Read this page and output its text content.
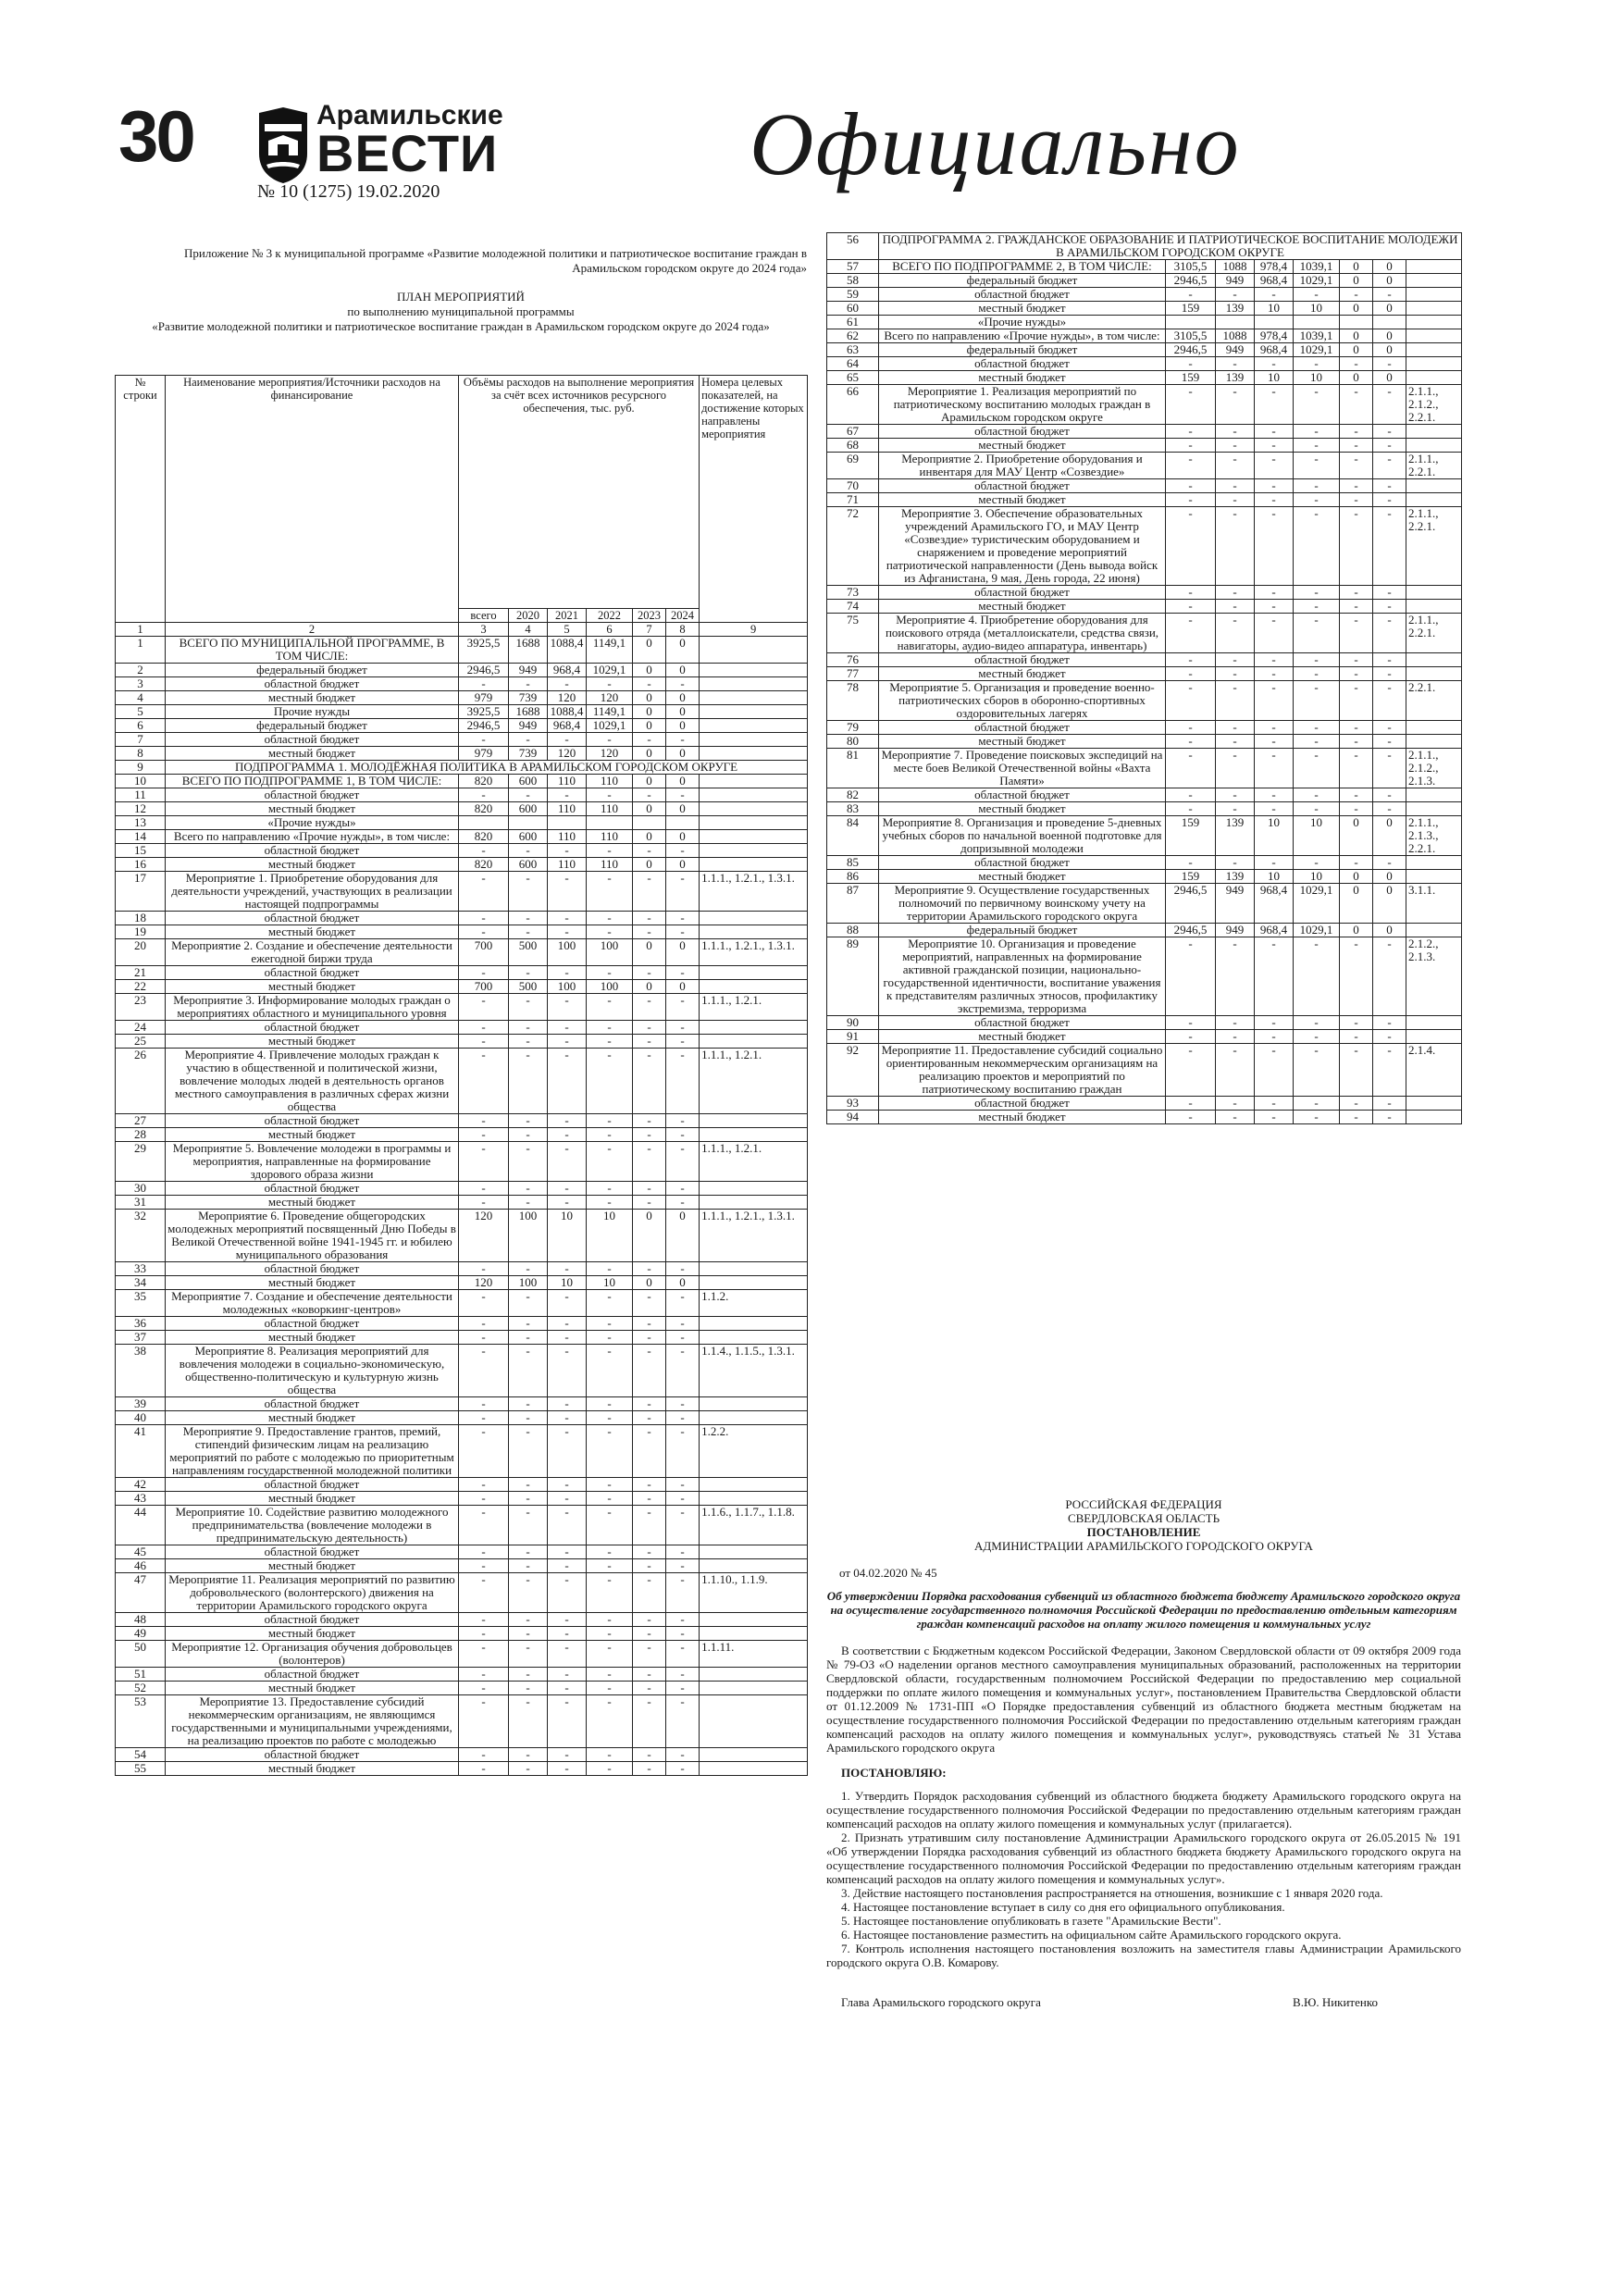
30	Арамильские
ВЕСТИ
№ 10 (1275) 19.02.2020	Официально
Приложение № 3 к муниципальной программе «Развитие молодежной политики и патриотическое воспитание граждан в Арамильском городском округе до 2024 года»
ПЛАН МЕРОПРИЯТИЙ
по выполнению муниципальной программы
«Развитие молодежной политики и патриотическое воспитание граждан в Арамильском городском округе до 2024 года»
№ строки	Наименование мероприятия/Источники расходов на финансирование	Объёмы расходов на выполнение мероприятия за счёт всех источников ресурсного обеспечения, тыс. руб.						Номера целевых показателей, на достижение которых направлены мероприятия
		всего	2020	2021	2022	2023	2024	
1	2	3	4	5	6	7	8	9
1	ВСЕГО ПО МУНИЦИПАЛЬНОЙ ПРОГРАММЕ, В ТОМ ЧИСЛЕ:	3925,5	1688	1088,4	1149,1	0	0	
2	федеральный бюджет	2946,5	949	968,4	1029,1	0	0	
3	областной бюджет	-	-	-	-	-	-	
4	местный бюджет	979	739	120	120	0	0	
5	Прочие нужды	3925,5	1688	1088,4	1149,1	0	0	
6	федеральный бюджет	2946,5	949	968,4	1029,1	0	0	
7	областной бюджет	-	-	-	-	-	-	
8	местный бюджет	979	739	120	120	0	0	
9	ПОДПРОГРАММА 1. МОЛОДЁЖНАЯ ПОЛИТИКА В АРАМИЛЬСКОМ ГОРОДСКОМ ОКРУГЕ							
10	ВСЕГО ПО ПОДПРОГРАММЕ 1, В ТОМ ЧИСЛЕ:	820	600	110	110	0	0	
11	областной бюджет	-	-	-	-	-	-	
12	местный бюджет	820	600	110	110	0	0	
13	«Прочие нужды»							
14	Всего по направлению «Прочие нужды», в том числе:	820	600	110	110	0	0	
15	областной бюджет	-	-	-	-	-	-	
16	местный бюджет	820	600	110	110	0	0	
17	Мероприятие 1. Приобретение оборудования для деятельности учреждений, участвующих в реализации настоящей подпрограммы	-	-	-	-	-	-	1.1.1., 1.2.1., 1.3.1.
18	областной бюджет	-	-	-	-	-	-	
19	местный бюджет	-	-	-	-	-	-	
20	Мероприятие 2. Создание и обеспечение деятельности ежегодной биржи труда	700	500	100	100	0	0	1.1.1., 1.2.1., 1.3.1.
21	областной бюджет	-	-	-	-	-	-	
22	местный бюджет	700	500	100	100	0	0	
23	Мероприятие 3. Информирование молодых граждан о мероприятиях областного и муниципального уровня	-	-	-	-	-	-	1.1.1., 1.2.1.
24	областной бюджет	-	-	-	-	-	-	
25	местный бюджет	-	-	-	-	-	-	
26	Мероприятие 4. Привлечение молодых граждан к участию в общественной и политической жизни, вовлечение молодых людей в деятельность органов местного самоуправления в различных сферах жизни общества	-	-	-	-	-	-	1.1.1., 1.2.1.
27	областной бюджет	-	-	-	-	-	-	
28	местный бюджет	-	-	-	-	-	-	
29	Мероприятие 5. Вовлечение молодежи в программы и мероприятия, направленные на формирование здорового образа жизни	-	-	-	-	-	-	1.1.1., 1.2.1.
30	областной бюджет	-	-	-	-	-	-	
31	местный бюджет	-	-	-	-	-	-	
32	Мероприятие 6. Проведение общегородских молодежных мероприятий посвященный Дню Победы в Великой Отечественной войне 1941-1945 гг. и юбилею муниципального образования	120	100	10	10	0	0	1.1.1., 1.2.1., 1.3.1.
33	областной бюджет	-	-	-	-	-	-	
34	местный бюджет	120	100	10	10	0	0	
35	Мероприятие 7. Создание и обеспечение деятельности молодежных «коворкинг-центров»	-	-	-	-	-	-	1.1.2.
36	областной бюджет	-	-	-	-	-	-	
37	местный бюджет	-	-	-	-	-	-	
38	Мероприятие 8. Реализация мероприятий для вовлечения молодежи в социально-экономическую, общественно-политическую и культурную жизнь общества	-	-	-	-	-	-	1.1.4., 1.1.5., 1.3.1.
39	областной бюджет	-	-	-	-	-	-	
40	местный бюджет	-	-	-	-	-	-	
41	Мероприятие 9. Предоставление грантов, премий, стипендий физическим лицам на реализацию мероприятий по работе с молодежью по приоритетным направлениям государственной молодежной политики	-	-	-	-	-	-	1.2.2.
42	областной бюджет	-	-	-	-	-	-	
43	местный бюджет	-	-	-	-	-	-	
44	Мероприятие 10. Содействие развитию молодежного предпринимательства (вовлечение молодежи в предпринимательскую деятельность)	-	-	-	-	-	-	1.1.6., 1.1.7., 1.1.8.
45	областной бюджет	-	-	-	-	-	-	
46	местный бюджет	-	-	-	-	-	-	
47	Мероприятие 11. Реализация мероприятий по развитию добровольческого (волонтерского) движения на территории Арамильского городского округа	-	-	-	-	-	-	1.1.10., 1.1.9.
48	областной бюджет	-	-	-	-	-	-	
49	местный бюджет	-	-	-	-	-	-	
50	Мероприятие 12. Организация обучения добровольцев (волонтеров)	-	-	-	-	-	-	1.1.11.
51	областной бюджет	-	-	-	-	-	-	
52	местный бюджет	-	-	-	-	-	-	
53	Мероприятие 13. Предоставление субсидий некоммерческим организациям, не являющимся государственными и муниципальными учреждениями, на реализацию проектов по работе с молодежью	-	-	-	-	-	-	
54	областной бюджет	-	-	-	-	-	-	
55	местный бюджет	-	-	-	-	-	-	
56	ПОДПРОГРАММА 2. ГРАЖДАНСКОЕ ОБРАЗОВАНИЕ И ПАТРИОТИЧЕСКОЕ ВОСПИТАНИЕ МОЛОДЕЖИ В АРАМИЛЬСКОМ ГОРОДСКОМ ОКРУГЕ							
57	ВСЕГО ПО ПОДПРОГРАММЕ 2, В ТОМ ЧИСЛЕ:	3105,5	1088	978,4	1039,1	0	0	
58	федеральный бюджет	2946,5	949	968,4	1029,1	0	0	
59	областной бюджет	-	-	-	-	-	-	
60	местный бюджет	159	139	10	10	0	0	
61	«Прочие нужды»							
62	Всего по направлению «Прочие нужды», в том числе:	3105,5	1088	978,4	1039,1	0	0	
63	федеральный бюджет	2946,5	949	968,4	1029,1	0	0	
64	областной бюджет	-	-	-	-	-	-	
65	местный бюджет	159	139	10	10	0	0	
66	Мероприятие 1. Реализация мероприятий по патриотическому воспитанию молодых граждан в Арамильском городском округе	-	-	-	-	-	-	2.1.1., 2.1.2., 2.2.1.
67	областной бюджет	-	-	-	-	-	-	
68	местный бюджет	-	-	-	-	-	-	
69	Мероприятие 2. Приобретение оборудования и инвентаря для МАУ Центр «Созвездие»	-	-	-	-	-	-	2.1.1., 2.2.1.
70	областной бюджет	-	-	-	-	-	-	
71	местный бюджет	-	-	-	-	-	-	
72	Мероприятие 3. Обеспечение образовательных учреждений Арамильского ГО, и МАУ Центр «Созвездие» туристическим оборудованием и снаряжением и проведение мероприятий патриотической направленности (День вывода войск из Афганистана, 9 мая, День города, 22 июня)	-	-	-	-	-	-	2.1.1., 2.2.1.
73	областной бюджет	-	-	-	-	-	-	
74	местный бюджет	-	-	-	-	-	-	
75	Мероприятие 4. Приобретение оборудования для поискового отряда (металлоискатели, средства связи, навигаторы, аудио-видео аппаратура, инвентарь)	-	-	-	-	-	-	2.1.1., 2.2.1.
76	областной бюджет	-	-	-	-	-	-	
77	местный бюджет	-	-	-	-	-	-	
78	Мероприятие 5. Организация и проведение военно-патриотических сборов в оборонно-спортивных оздоровительных лагерях	-	-	-	-	-	-	2.2.1.
79	областной бюджет	-	-	-	-	-	-	
80	местный бюджет	-	-	-	-	-	-	
81	Мероприятие 7. Проведение поисковых экспедиций на месте боев Великой Отечественной войны «Вахта Памяти»	-	-	-	-	-	-	2.1.1., 2.1.2., 2.1.3.
82	областной бюджет	-	-	-	-	-	-	
83	местный бюджет	-	-	-	-	-	-	
84	Мероприятие 8. Организация и проведение 5-дневных учебных сборов по начальной военной подготовке для допризывной молодежи	159	139	10	10	0	0	2.1.1., 2.1.3., 2.2.1.
85	областной бюджет	-	-	-	-	-	-	
86	местный бюджет	159	139	10	10	0	0	
87	Мероприятие 9. Осуществление государственных полномочий по первичному воинскому учету на территории Арамильского городского округа	2946,5	949	968,4	1029,1	0	0	3.1.1.
88	федеральный бюджет	2946,5	949	968,4	1029,1	0	0	
89	Мероприятие 10. Организация и проведение мероприятий, направленных на формирование активной гражданской позиции, национально-государственной идентичности, воспитание уважения к представителям различных этносов, профилактику экстремизма, терроризма	-	-	-	-	-	-	2.1.2., 2.1.3.
90	областной бюджет	-	-	-	-	-	-	
91	местный бюджет	-	-	-	-	-	-	
92	Мероприятие 11. Предоставление субсидий социально ориентированным некоммерческим организациям на реализацию проектов и мероприятий по патриотическому воспитанию граждан	-	-	-	-	-	-	2.1.4.
93	областной бюджет	-	-	-	-	-	-	
94	местный бюджет	-	-	-	-	-	-	
РОССИЙСКАЯ ФЕДЕРАЦИЯ
СВЕРДЛОВСКАЯ ОБЛАСТЬ
ПОСТАНОВЛЕНИЕ
АДМИНИСТРАЦИИ АРАМИЛЬСКОГО ГОРОДСКОГО ОКРУГА
от 04.02.2020 № 45
Об утверждении Порядка расходования субвенций из областного бюджета бюджету Арамильского городского округа на осуществление государственного полномочия Российской Федерации по предоставлению отдельным категориям граждан компенсаций расходов на оплату жилого помещения и коммунальных услуг

В соответствии с Бюджетным кодексом Российской Федерации, Законом Свердловской области от 09 октября 2009 года № 79-ОЗ «О наделении органов местного самоуправления муниципальных образований, расположенных на территории Свердловской области, государственным полномочием Российской Федерации по предоставлению мер социальной поддержки по оплате жилого помещения и коммунальных услуг», постановлением Правительства Свердловской области от 01.12.2009 № 1731-ПП «О Порядке предоставления субвенций из областного бюджета местным бюджетам на осуществление государственного полномочия Российской Федерации по предоставлению отдельным категориям граждан компенсаций расходов на оплату жилого помещения и коммунальных услуг», руководствуясь статьей № 31 Устава Арамильского городского округа

ПОСТАНОВЛЯЮ:

1. Утвердить Порядок расходования субвенций из областного бюджета бюджету Арамильского городского округа на осуществление государственного полномочия Российской Федерации по предоставлению отдельным категориям граждан компенсаций расходов на оплату жилого помещения и коммунальных услуг (прилагается).

2. Признать утратившим силу постановление Администрации Арамильского городского округа от 26.05.2015 № 191 «Об утверждении Порядка расходования субвенций из областного бюджета бюджету Арамильского городского округа на осуществление государственного полномочия Российской Федерации по предоставлению отдельным категориям граждан компенсаций расходов на оплату жилого помещения и коммунальных услуг».

3. Действие настоящего постановления распространяется на отношения, возникшие с 1 января 2020 года.

4. Настоящее постановление вступает в силу со дня его официального опубликования.

5. Настоящее постановление опубликовать в газете "Арамильские Вести".

6. Настоящее постановление разместить на официальном сайте Арамильского городского округа.

7. Контроль исполнения настоящего постановления возложить на заместителя главы Администрации Арамильского городского округа О.В. Комарову.

Глава Арамильского городского округа	В.Ю. Никитенко
